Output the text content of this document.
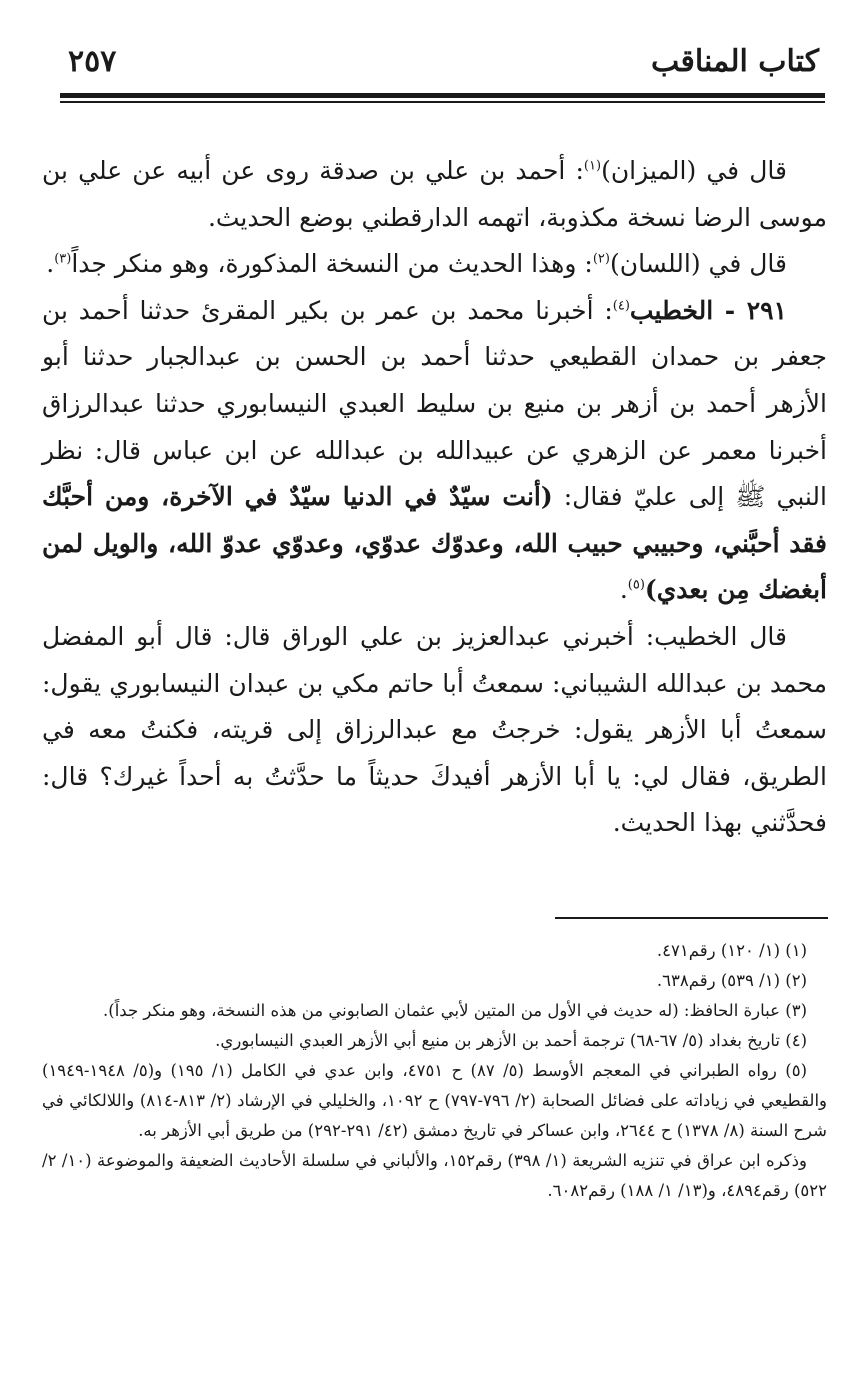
كتاب المناقب
٢٥٧

قال في (الميزان)$^{(١)}$: أحمد بن علي بن صدقة روى عن أبيه عن علي بن موسى الرضا نسخة مكذوبة، اتهمه الدارقطني بوضع الحديث.

قال في (اللسان)$^{(٢)}$: وهذا الحديث من النسخة المذكورة، وهو منكر جداً$^{(٣)}$.

٢٩١ - الخطيب$^{(٤)}$: أخبرنا محمد بن عمر بن بكير المقرئ حدثنا أحمد بن جعفر بن حمدان القطيعي حدثنا أحمد بن الحسن بن عبدالجبار حدثنا أبو الأزهر أحمد بن أزهر بن منيع بن سليط العبدي النيسابوري حدثنا عبدالرزاق أخبرنا معمر عن الزهري عن عبيدالله بن عبدالله عن ابن عباس قال: نظر النبي ﷺ إلى عليّ فقال: (أنت سيّدٌ في الدنيا سيّدٌ في الآخرة، ومن أحبَّك فقد أحبَّني، وحبيبي حبيب الله، وعدوّك عدوّي، وعدوّي عدوّ الله، والويل لمن أبغضك مِن بعدي)$^{(٥)}$.

قال الخطيب: أخبرني عبدالعزيز بن علي الوراق قال: قال أبو المفضل محمد بن عبدالله الشيباني: سمعتُ أبا حاتم مكي بن عبدان النيسابوري يقول: سمعتُ أبا الأزهر يقول: خرجتُ مع عبدالرزاق إلى قريته، فكنتُ معه في الطريق، فقال لي: يا أبا الأزهر أفيدكَ حديثاً ما حدَّثتُ به أحداً غيرك؟ قال: فحدَّثني بهذا الحديث.

(١) (١/ ١٢٠) رقم٤٧١.

(٢) (١/ ٥٣٩) رقم٦٣٨.

(٣) عبارة الحافظ: (له حديث في الأول من المتين لأبي عثمان الصابوني من هذه النسخة، وهو منكر جداً).

(٤) تاريخ بغداد (٥/ ٦٧-٦٨) ترجمة أحمد بن الأزهر بن منيع أبي الأزهر العبدي النيسابوري.

(٥) رواه الطبراني في المعجم الأوسط (٥/ ٨٧) ح ٤٧٥١، وابن عدي في الكامل (١/ ١٩٥) و(٥/ ١٩٤٨-١٩٤٩) والقطيعي في زياداته على فضائل الصحابة (٢/ ٧٩٦-٧٩٧) ح ١٠٩٢، والخليلي في الإرشاد (٢/ ٨١٣-٨١٤) واللالكائي في شرح السنة (٨/ ١٣٧٨) ح ٢٦٤٤، وابن عساكر في تاريخ دمشق (٤٢/ ٢٩١-٢٩٢) من طريق أبي الأزهر به.

وذكره ابن عراق في تنزيه الشريعة (١/ ٣٩٨) رقم١٥٢، والألباني في سلسلة الأحاديث الضعيفة والموضوعة (١٠/ ٢/ ٥٢٢) رقم٤٨٩٤، و(١٣/ ١/ ١٨٨) رقم٦٠٨٢.
